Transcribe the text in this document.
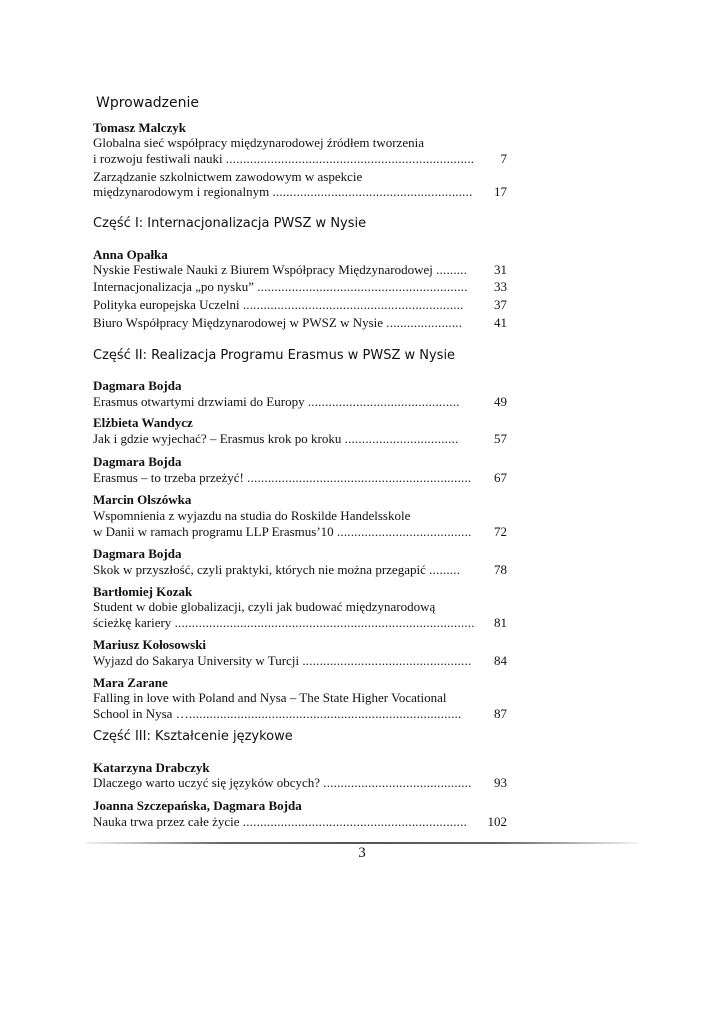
Wprowadzenie
Tomasz Malczyk
Globalna sieć współpracy międzynarodowej źródłem tworzenia
i rozwoju festiwali nauki ........................................................................ 7
Zarządzanie szkolnictwem zawodowym w aspekcie
międzynarodowym i regionalnym .......................................................... 17
Część I: Internacjonalizacja PWSZ w Nysie
Anna Opałka
Nyskie Festiwale Nauki z Biurem Współpracy Międzynarodowej ......... 31
Internacjonalizacja „po nysku” ............................................................. 33
Polityka europejska Uczelni ................................................................ 37
Biuro Współpracy Międzynarodowej w PWSZ w Nysie ...................... 41
Część II: Realizacja Programu Erasmus w PWSZ w Nysie
Dagmara Bojda
Erasmus otwartymi drzwiami do Europy ............................................	49
Elżbieta Wandycz
Jak i gdzie wyjechać? – Erasmus krok po kroku .................................	57
Dagmara Bojda
Erasmus – to trzeba przeżyć! ................................................................. 67
Marcin Olszówka
Wspomnienia z wyjazdu na studia do Roskilde Handelsskole
w Danii w ramach programu LLP Erasmus’10 ....................................... 72
Dagmara Bojda
Skok w przyszłość, czyli praktyki, których nie można przegapić .........	78
Bartłomiej Kozak
Student w dobie globalizacji, czyli jak budować międzynarodową
ścieżkę kariery ....................................................................................... 81
Mariusz Kołosowski
Wyjazd do Sakarya University w Turcji ................................................. 84
Mara Zarane
Falling in love with Poland and Nysa – The State Higher Vocational
School in Nysa …...............................................................................	87
Część III: Kształcenie językowe
Katarzyna Drabczyk
Dlaczego warto uczyć się języków obcych? ........................................... 93
Joanna Szczepańska, Dagmara Bojda
Nauka trwa przez całe życie ................................................................. 102
3
